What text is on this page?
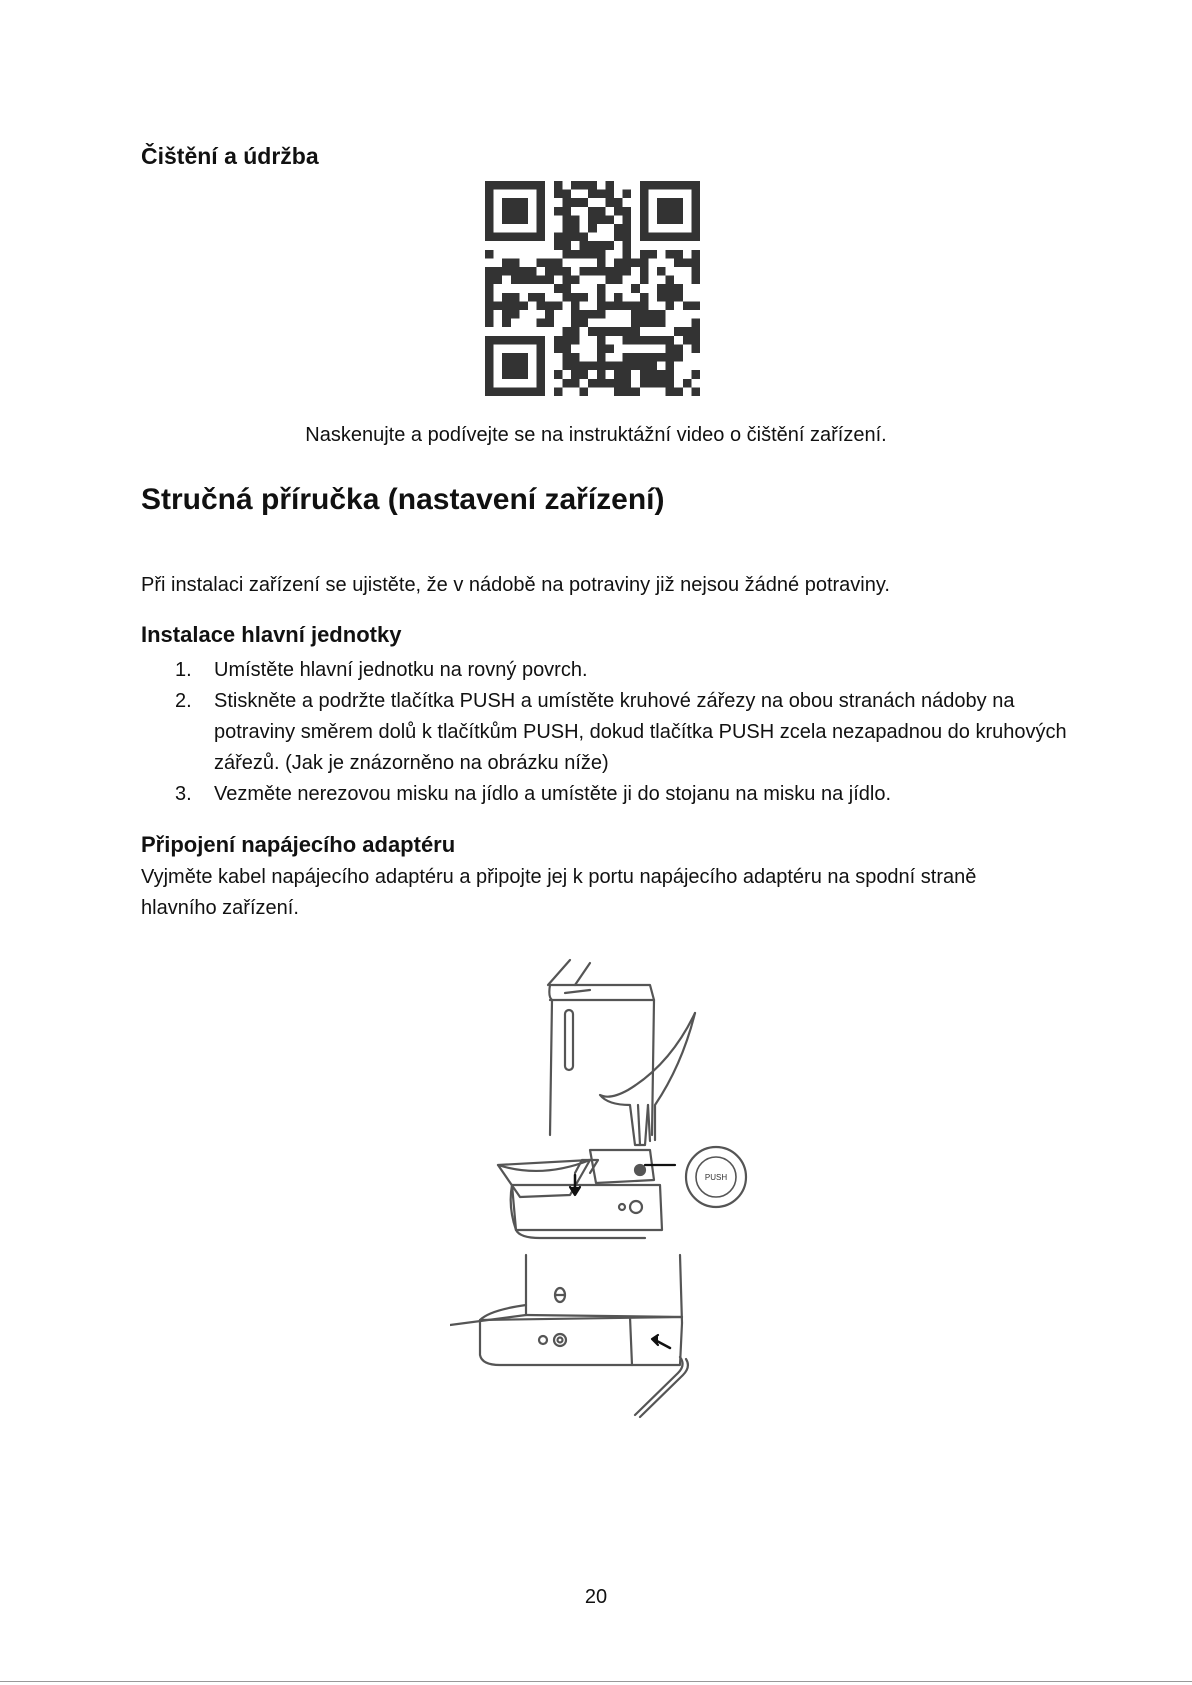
Čištění a údržba
Naskenujte a podívejte se na instruktážní video o čištění zařízení.
Stručná příručka (nastavení zařízení)
Při instalaci zařízení se ujistěte, že v nádobě na potraviny již nejsou žádné potraviny.
Instalace hlavní jednotky
1. Umístěte hlavní jednotku na rovný povrch.
2. Stiskněte a podržte tlačítka PUSH a umístěte kruhové zářezy na obou stranách nádoby na potraviny směrem dolů k tlačítkům PUSH, dokud tlačítka PUSH zcela nezapadnou do kruhových zářezů. (Jak je znázorněno na obrázku níže)
3. Vezměte nerezovou misku na jídlo a umístěte ji do stojanu na misku na jídlo.
Připojení napájecího adaptéru
Vyjměte kabel napájecího adaptéru a připojte jej k portu napájecího adaptéru na spodní straně hlavního zařízení.
PUSH
20
